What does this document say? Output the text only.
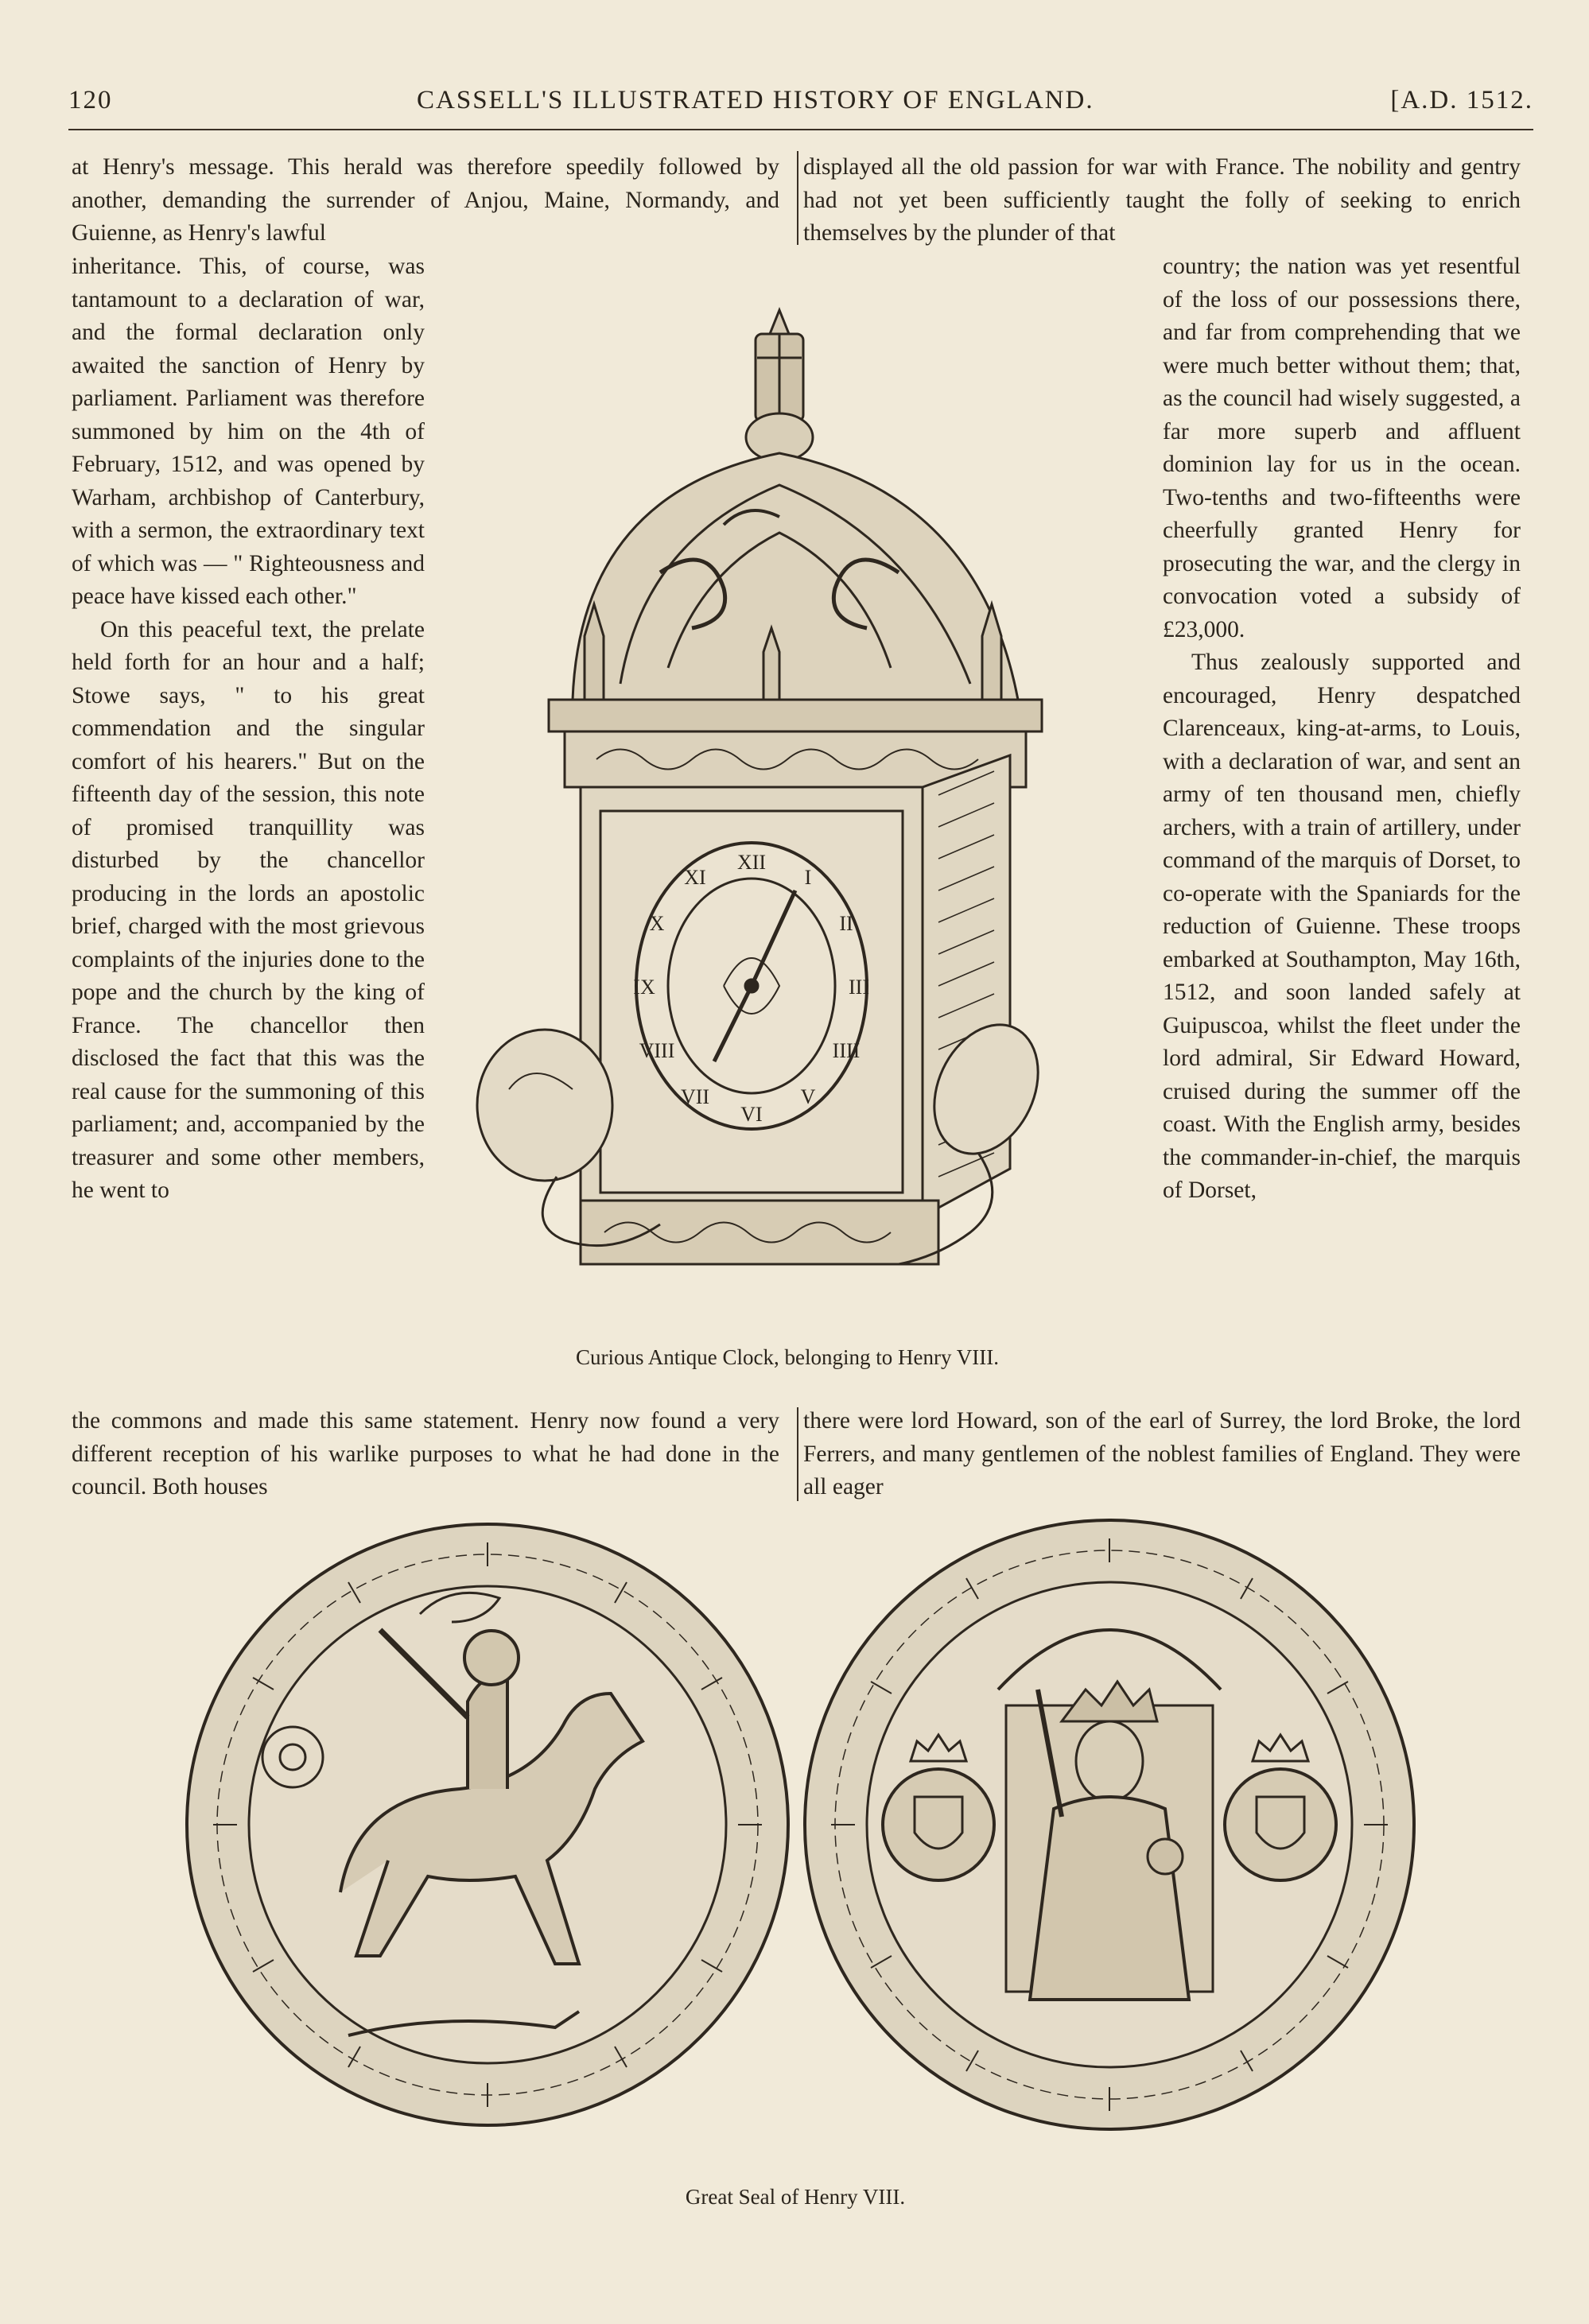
120	CASSELL'S ILLUSTRATED HISTORY OF ENGLAND.	[A.D. 1512.

at Henry's message. This herald was therefore speedily followed by another, demanding the surrender of Anjou, Maine, Normandy, and Guienne, as Henry's lawful

inheritance. This, of course, was tantamount to a declaration of war, and the formal declaration only awaited the sanction of Henry by parliament. Parliament was therefore summoned by him on the 4th of February, 1512, and was opened by Warham, archbishop of Canterbury, with a sermon, the extraordinary text of which was — " Righteousness and peace have kissed each other."

On this peaceful text, the prelate held forth for an hour and a half; Stowe says, " to his great commendation and the singular comfort of his hearers." But on the fifteenth day of the session, this note of promised tranquillity was disturbed by the chancellor producing in the lords an apostolic brief, charged with the most grievous complaints of the injuries done to the pope and the church by the king of France. The chancellor then disclosed the fact that this was the real cause for the summoning of this parliament; and, accompanied by the treasurer and some other members, he went to

the commons and made this same statement. Henry now found a very different reception of his warlike purposes to what he had done in the council. Both houses

displayed all the old passion for war with France. The nobility and gentry had not yet been sufficiently taught the folly of seeking to enrich themselves by the plunder of that

country; the nation was yet resentful of the loss of our possessions there, and far from comprehending that we were much better without them; that, as the council had wisely suggested, a far more superb and affluent dominion lay for us in the ocean. Two-tenths and two-fifteenths were cheerfully granted Henry for prosecuting the war, and the clergy in convocation voted a subsidy of £23,000.

Thus zealously supported and encouraged, Henry despatched Clarenceaux, king-at-arms, to Louis, with a declaration of war, and sent an army of ten thousand men, chiefly archers, with a train of artillery, under command of the marquis of Dorset, to co-operate with the Spaniards for the reduction of Guienne. These troops embarked at Southampton, May 16th, 1512, and soon landed safely at Guipuscoa, whilst the fleet under the lord admiral, Sir Edward Howard, cruised during the summer off the coast. With the English army, besides the commander-in-chief, the marquis of Dorset,

there were lord Howard, son of the earl of Surrey, the lord Broke, the lord Ferrers, and many gentlemen of the noblest families of England. They were all eager

XII
I
II
III
IIII
V
VI
VII
VIII
IX
X
XI
Curious Antique Clock, belonging to Henry VIII.
Great Seal of Henry VIII.
